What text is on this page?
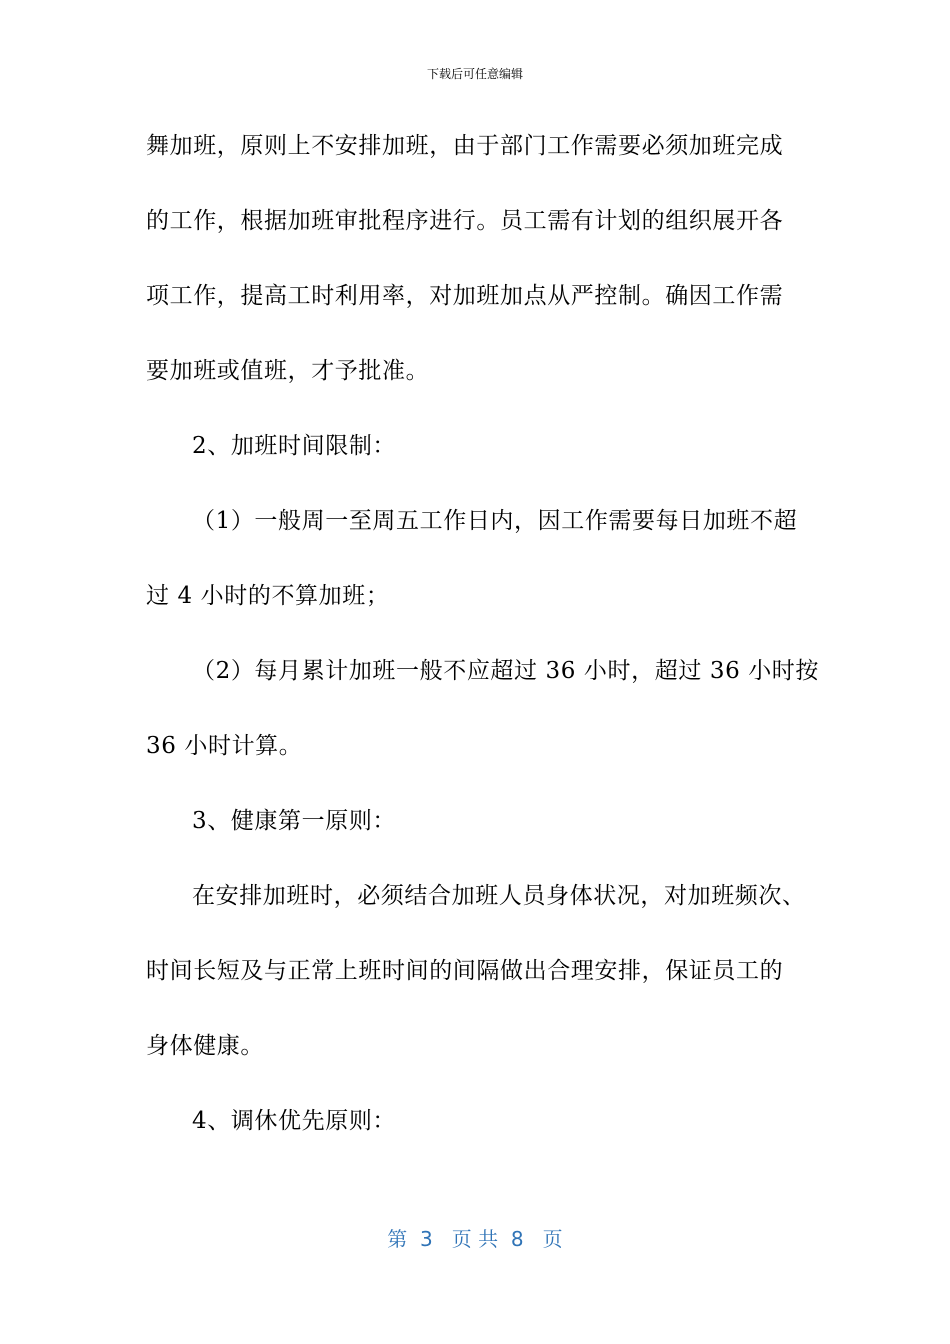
下载后可任意编辑
舞加班，原则上不安排加班，由于部门工作需要必须加班完成
的工作，根据加班审批程序进行。员工需有计划的组织展开各
项工作，提高工时利用率，对加班加点从严控制。确因工作需
要加班或值班，才予批准。
2、加班时间限制：
（1）一般周一至周五工作日内，因工作需要每日加班不超
过 4 小时的不算加班；
（2）每月累计加班一般不应超过 36 小时，超过 36 小时按
36 小时计算。
3、健康第一原则：
在安排加班时，必须结合加班人员身体状况，对加班频次、
时间长短及与正常上班时间的间隔做出合理安排，保证员工的
身体健康。
4、调休优先原则：
第  3   页 共  8   页
